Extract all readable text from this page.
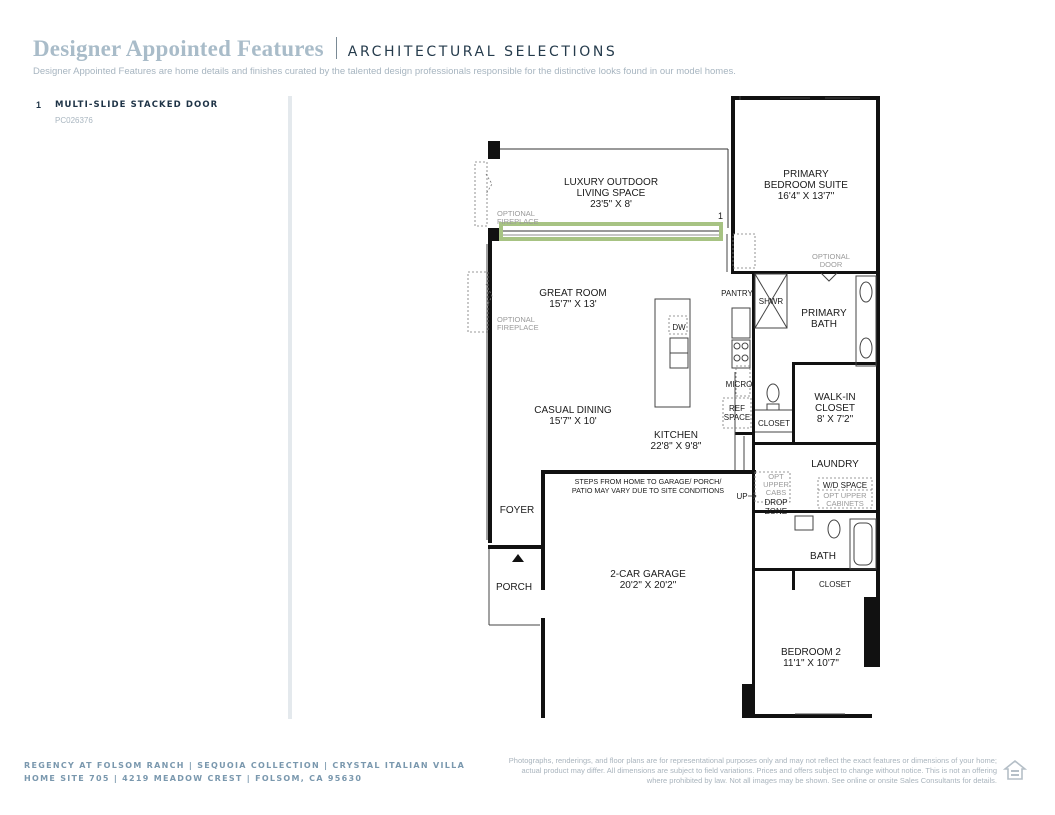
Designer Appointed Features ARCHITECTURAL SELECTIONS
Designer Appointed Features are home details and finishes curated by the talented design professionals responsible for the distinctive looks found in our model homes.
1	MULTI-SLIDE STACKED DOOR
PC026376
1
LUXURY OUTDOOR
LIVING SPACE
23'5" X 8'
PRIMARY
BEDROOM SUITE
16'4" X 13'7"
GREAT ROOM
15'7" X 13'
CASUAL DINING
15'7" X 10'
KITCHEN
22'8" X 9'8"
PRIMARY
BATH
WALK-IN
CLOSET
8' X 7'2"
LAUNDRY
2-CAR GARAGE
20'2" X 20'2"
BATH
CLOSET
BEDROOM 2
11'1" X 10'7"
FOYER
PORCH
PANTRY
SHWR
DW
MICRO
REF
SPACE
CLOSET
DROP
ZONE
W/D SPACE
UP
STEPS FROM HOME TO GARAGE/ PORCH/
PATIO MAY VARY DUE TO SITE CONDITIONS
OPTIONAL
FIREPLACE
OPTIONAL
FIREPLACE
OPTIONAL
DOOR
OPT
UPPER
CABS	OPT UPPER
CABINETS
REGENCY AT FOLSOM RANCH | SEQUOIA COLLECTION | CRYSTAL ITALIAN VILLA
HOME SITE 705 | 4219 MEADOW CREST | FOLSOM, CA 95630
Photographs, renderings, and floor plans are for representational purposes only and may not reflect the exact features or dimensions of your home; actual product may differ. All dimensions are subject to field variations. Prices and offers subject to change without notice. This is not an offering where prohibited by law. Not all images may be shown. See online or onsite Sales Consultants for details.
